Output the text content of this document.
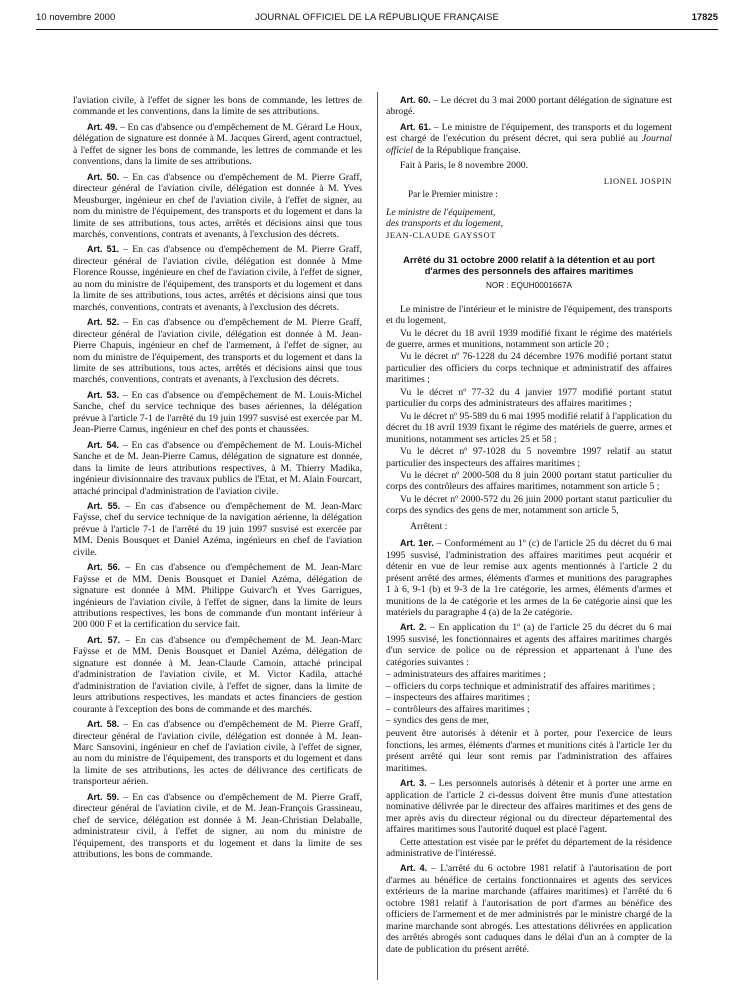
10 novembre 2000	JOURNAL OFFICIEL DE LA RÉPUBLIQUE FRANÇAISE	17825

l'aviation civile, à l'effet de signer les bons de commande, les lettres de commande et les conventions, dans la limite de ses attributions.

Art. 49. – En cas d'absence ou d'empêchement de M. Gérard Le Houx, délégation de signature est donnée à M. Jacques Girerd, agent contractuel, à l'effet de signer les bons de commande, les lettres de commande et les conventions, dans la limite de ses attributions.

Art. 50. – En cas d'absence ou d'empêchement de M. Pierre Graff, directeur général de l'aviation civile, délégation est donnée à M. Yves Meusburger, ingénieur en chef de l'aviation civile, à l'effet de signer, au nom du ministre de l'équipement, des transports et du logement et dans la limite de ses attributions, tous actes, arrêtés et décisions ainsi que tous marchés, conventions, contrats et avenants, à l'exclusion des décrets.

Art. 51. – En cas d'absence ou d'empêchement de M. Pierre Graff, directeur général de l'aviation civile, délégation est donnée à Mme Florence Rousse, ingénieure en chef de l'aviation civile, à l'effet de signer, au nom du ministre de l'équipement, des transports et du logement et dans la limite de ses attributions, tous actes, arrêtés et décisions ainsi que tous marchés, conventions, contrats et avenants, à l'exclusion des décrets.

Art. 52. – En cas d'absence ou d'empêchement de M. Pierre Graff, directeur général de l'aviation civile, délégation est donnée à M. Jean-Pierre Chapuis, ingénieur en chef de l'armement, à l'effet de signer, au nom du ministre de l'équipement, des transports et du logement et dans la limite de ses attributions, tous actes, arrêtés et décisions ainsi que tous marchés, conventions, contrats et avenants, à l'exclusion des décrets.

Art. 53. – En cas d'absence ou d'empêchement de M. Louis-Michel Sanche, chef du service technique des bases aériennes, la délégation prévue à l'article 7-1 de l'arrêté du 19 juin 1997 susvisé est exercée par M. Jean-Pierre Camus, ingénieur en chef des ponts et chaussées.

Art. 54. – En cas d'absence ou d'empêchement de M. Louis-Michel Sanche et de M. Jean-Pierre Camus, délégation de signature est donnée, dans la limite de leurs attributions respectives, à M. Thierry Madika, ingénieur divisionnaire des travaux publics de l'Etat, et M. Alain Fourcart, attaché principal d'administration de l'aviation civile.

Art. 55. – En cas d'absence ou d'empêchement de M. Jean-Marc Faÿsse, chef du service technique de la navigation aérienne, la délégation prévue à l'article 7-1 de l'arrêté du 19 juin 1997 susvisé est exercée par MM. Denis Bousquet et Daniel Azéma, ingénieurs en chef de l'aviation civile.

Art. 56. – En cas d'absence ou d'empêchement de M. Jean-Marc Faÿsse et de MM. Denis Bousquet et Daniel Azéma, délégation de signature est donnée à MM. Philippe Guivarc'h et Yves Garrigues, ingénieurs de l'aviation civile, à l'effet de signer, dans la limite de leurs attributions respectives, les bons de commande d'un montant inférieur à 200 000 F et la certification du service fait.

Art. 57. – En cas d'absence ou d'empêchement de M. Jean-Marc Faÿsse et de MM. Denis Bousquet et Daniel Azéma, délégation de signature est donnée à M. Jean-Claude Camoin, attaché principal d'administration de l'aviation civile, et M. Victor Kadila, attaché d'administration de l'aviation civile, à l'effet de signer, dans la limite de leurs attributions respectives, les mandats et actes financiers de gestion courante à l'exception des bons de commande et des marchés.

Art. 58. – En cas d'absence ou d'empêchement de M. Pierre Graff, directeur général de l'aviation civile, délégation est donnée à M. Jean-Marc Sansovini, ingénieur en chef de l'aviation civile, à l'effet de signer, au nom du ministre de l'équipement, des transports et du logement et dans la limite de ses attributions, les actes de délivrance des certificats de transporteur aérien.

Art. 59. – En cas d'absence ou d'empêchement de M. Pierre Graff, directeur général de l'aviation civile, et de M. Jean-François Grassineau, chef de service, délégation est donnée à M. Jean-Christian Delaballe, administrateur civil, à l'effet de signer, au nom du ministre de l'équipement, des transports et du logement et dans la limite de ses attributions, les bons de commande.

Art. 60. – Le décret du 3 mai 2000 portant délégation de signature est abrogé.

Art. 61. – Le ministre de l'équipement, des transports et du logement est chargé de l'exécution du présent décret, qui sera publié au Journal officiel de la République française.

Fait à Paris, le 8 novembre 2000.

LIONEL JOSPIN

Par le Premier ministre :

Le ministre de l'équipement,

des transports et du logement,

JEAN-CLAUDE GAYSSOT

Arrêté du 31 octobre 2000 relatif à la détention et au port d'armes des personnels des affaires maritimes

NOR : EQUH0001667A

Le ministre de l'intérieur et le ministre de l'équipement, des transports et du logement,

Vu le décret du 18 avril 1939 modifié fixant le régime des matériels de guerre, armes et munitions, notamment son article 20 ;

Vu le décret nº 76-1228 du 24 décembre 1976 modifié portant statut particulier des officiers du corps technique et administratif des affaires maritimes ;

Vu le décret nº 77-32 du 4 janvier 1977 modifié portant statut particulier du corps des administrateurs des affaires maritimes ;

Vu le décret nº 95-589 du 6 mai 1995 modifié relatif à l'application du décret du 18 avril 1939 fixant le régime des matériels de guerre, armes et munitions, notamment ses articles 25 et 58 ;

Vu le décret nº 97-1028 du 5 novembre 1997 relatif au statut particulier des inspecteurs des affaires maritimes ;

Vu le décret nº 2000-508 du 8 juin 2000 portant statut particulier du corps des contrôleurs des affaires maritimes, notamment son article 5 ;

Vu le décret nº 2000-572 du 26 juin 2000 portant statut particulier du corps des syndics des gens de mer, notamment son article 5,

Arrêtent :

Art. 1er. – Conformément au 1º (c) de l'article 25 du décret du 6 mai 1995 susvisé, l'administration des affaires maritimes peut acquérir et détenir en vue de leur remise aux agents mentionnés à l'article 2 du présent arrêté des armes, éléments d'armes et munitions des paragraphes 1 à 6, 9-1 (b) et 9-3 de la 1re catégorie, les armes, éléments d'armes et munitions de la 4e catégorie et les armes de la 6e catégorie ainsi que les matériels du paragraphe 4 (a) de la 2e catégorie.

Art. 2. – En application du 1º (a) de l'article 25 du décret du 6 mai 1995 susvisé, les fonctionnaires et agents des affaires maritimes chargés d'un service de police ou de répression et appartenant à l'une des catégories suivantes :

– administrateurs des affaires maritimes ;
– officiers du corps technique et administratif des affaires maritimes ;
– inspecteurs des affaires maritimes ;
– contrôleurs des affaires maritimes ;
– syndics des gens de mer,

peuvent être autorisés à détenir et à porter, pour l'exercice de leurs fonctions, les armes, éléments d'armes et munitions cités à l'article 1er du présent arrêté qui leur sont remis par l'administration des affaires maritimes.

Art. 3. – Les personnels autorisés à détenir et à porter une arme en application de l'article 2 ci-dessus doivent être munis d'une attestation nominative délivrée par le directeur des affaires maritimes et des gens de mer après avis du directeur régional ou du directeur départemental des affaires maritimes sous l'autorité duquel est placé l'agent.

Cette attestation est visée par le préfet du département de la résidence administrative de l'intéressé.

Art. 4. – L'arrêté du 6 octobre 1981 relatif à l'autorisation de port d'armes au bénéfice de certains fonctionnaires et agents des services extérieurs de la marine marchande (affaires maritimes) et l'arrêté du 6 octobre 1981 relatif à l'autorisation de port d'armes au bénéfice des officiers de l'armement et de mer administrés par le ministre chargé de la marine marchande sont abrogés. Les attestations délivrées en application des arrêtés abrogés sont caduques dans le délai d'un an à compter de la date de publication du présent arrêté.
